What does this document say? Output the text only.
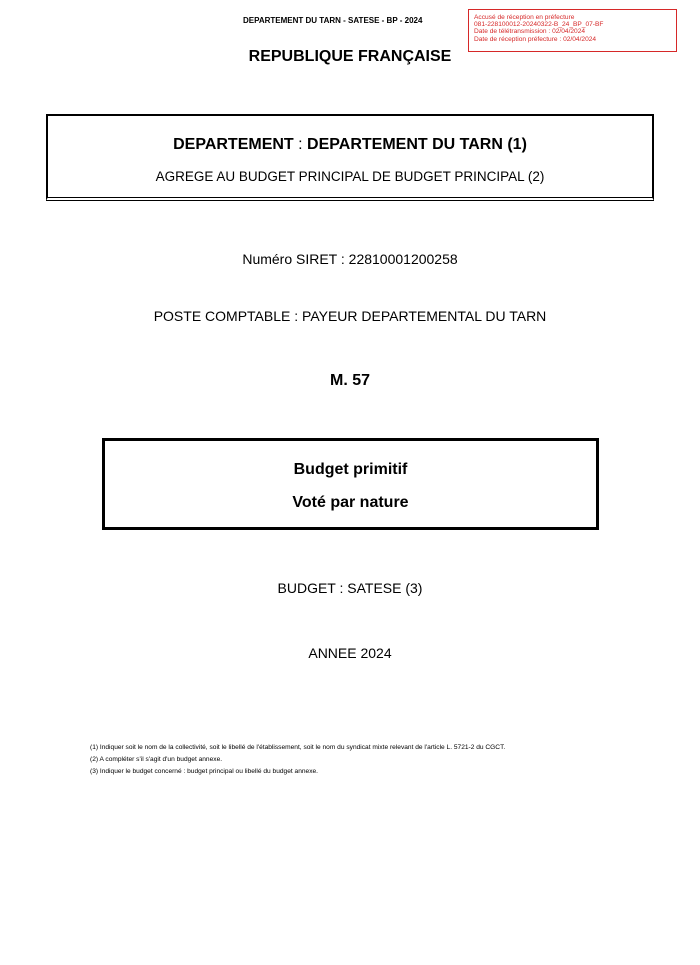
DEPARTEMENT DU TARN - SATESE - BP - 2024	Accusé de réception en préfecture
081-228100012-20240322-B_24_BP_07-BF
Date de télétransmission : 02/04/2024
Date de réception préfecture : 02/04/2024
REPUBLIQUE FRANÇAISE
DEPARTEMENT : DEPARTEMENT DU TARN (1)
AGREGE AU BUDGET PRINCIPAL DE BUDGET PRINCIPAL (2)
Numéro SIRET : 22810001200258
POSTE COMPTABLE : PAYEUR DEPARTEMENTAL DU TARN
M. 57
Budget primitif
Voté par nature
BUDGET : SATESE (3)
ANNEE 2024
(1) Indiquer soit le nom de la collectivité, soit le libellé de l'établissement, soit le nom du syndicat mixte relevant de l'article L. 5721-2 du CGCT.
(2) A compléter s'il s'agit d'un budget annexe.
(3) Indiquer le budget concerné : budget principal ou libellé du budget annexe.
